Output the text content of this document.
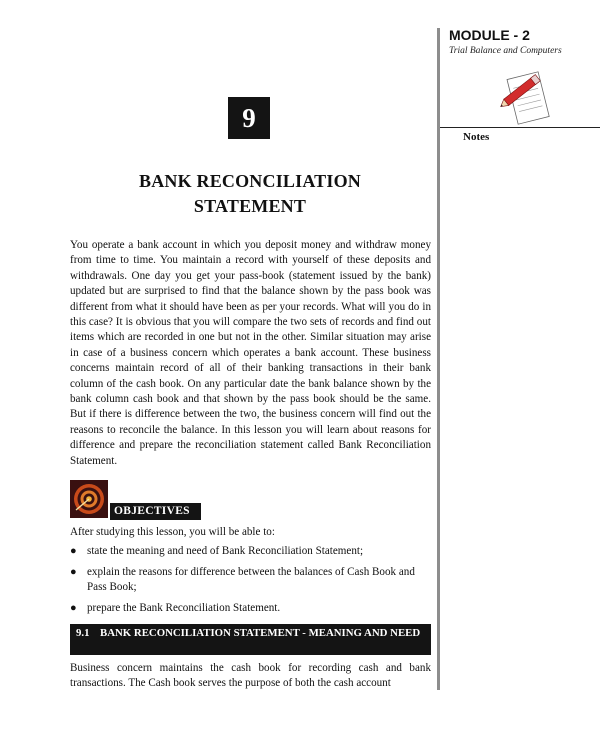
MODULE - 2
Trial Balance and Computers
Notes
9
BANK RECONCILIATION
STATEMENT

You operate a bank account in which you deposit money and withdraw money from time to time. You maintain a record with yourself of these deposits and withdrawals. One day you get your pass-book (statement issued by the bank) updated but are surprised to find that the balance shown by the pass book was different from what it should have been as per your records. What will you do in this case? It is obvious that you will compare the two sets of records and find out items which are recorded in one but not in the other. Similar situation may arise in case of a business concern which operates a bank account. These business concerns maintain record of all of their banking transactions in their bank column of the cash book. On any particular date the bank balance shown by the bank column cash book and that shown by the pass book should be the same. But if there is difference between the two, the business concern will find out the reasons to reconcile the balance. In this lesson you will learn about reasons for difference and prepare the reconciliation statement called Bank Reconciliation Statement.

OBJECTIVES

After studying this lesson, you will be able to:

● state the meaning and need of Bank Reconciliation Statement;
● explain the reasons for difference between the balances of Cash Book and Pass Book;
● prepare the Bank Reconciliation Statement.
9.1 BANK RECONCILIATION STATEMENT - MEANING AND NEED

Business concern maintains the cash book for recording cash and bank transactions. The Cash book serves the purpose of both the cash account
